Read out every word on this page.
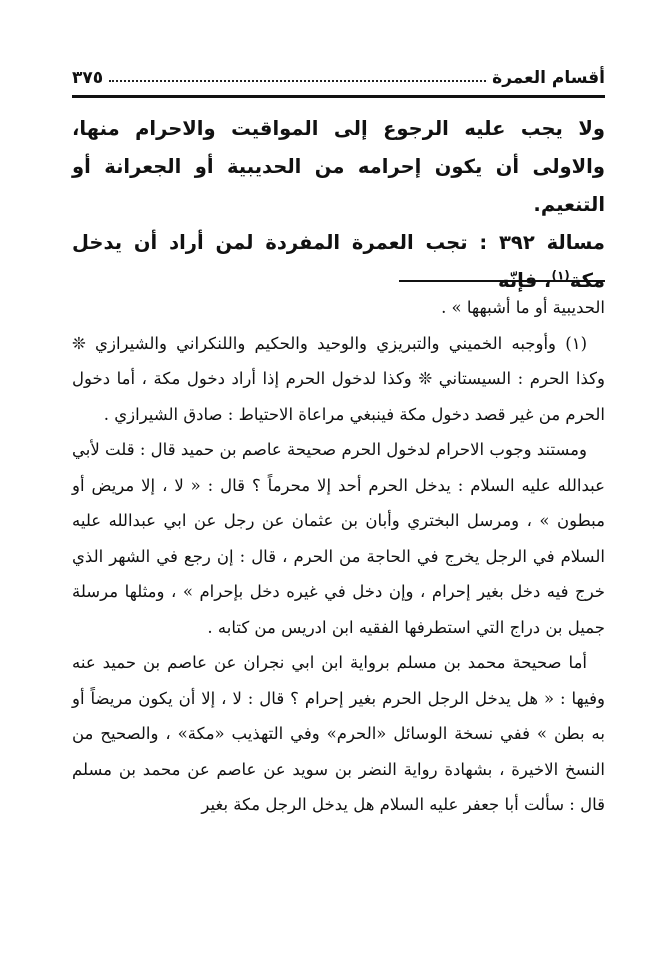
أقسام العمرة
٣٧٥

ولا يجب عليه الرجوع إلى المواقيت والاحرام منها، والاولى أن يكون إحرامه من الحديبية أو الجعرانة أو التنعيم.

مسالة ٣٩٢ : تجب العمرة المفردة لمن أراد أن يدخل مكة$^{(١)}$، فإنّه

الحديبية أو ما أشبهها » .

(١) وأوجبه الخميني والتبريزي والوحيد والحكيم واللنكراني والشيرازي ❊ وكذا الحرم : السيستاني ❊ وكذا لدخول الحرم إذا أراد دخول مكة ، أما دخول الحرم من غير قصد دخول مكة فينبغي مراعاة الاحتياط : صادق الشيرازي .

ومستند وجوب الاحرام لدخول الحرم صحيحة عاصم بن حميد قال : قلت لأبي عبدالله عليه السلام : يدخل الحرم أحد إلا محرماً ؟ قال : « لا ، إلا مريض أو مبطون » ، ومرسل البختري وأبان بن عثمان عن رجل عن ابي عبدالله عليه السلام في الرجل يخرج في الحاجة من الحرم ، قال : إن رجع في الشهر الذي خرج فيه دخل بغير إحرام ، وإن دخل في غيره دخل بإحرام » ، ومثلها مرسلة جميل بن دراج التي استطرفها الفقيه ابن ادريس من كتابه .

أما صحيحة محمد بن مسلم برواية ابن ابي نجران عن عاصم بن حميد عنه وفيها : « هل يدخل الرجل الحرم بغير إحرام ؟ قال : لا ، إلا أن يكون مريضاً أو به بطن » ففي نسخة الوسائل «الحرم» وفي التهذيب «مكة» ، والصحيح من النسخ الاخيرة ، بشهادة رواية النضر بن سويد عن عاصم عن محمد بن مسلم قال : سألت أبا جعفر عليه السلام هل يدخل الرجل مكة بغير
